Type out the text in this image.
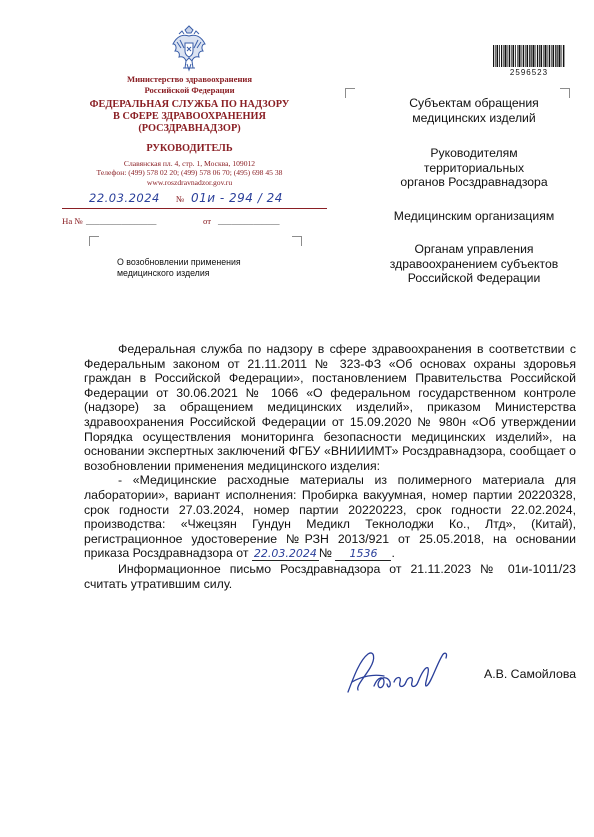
Министерство здравоохранения
Российской Федерации
ФЕДЕРАЛЬНАЯ СЛУЖБА ПО НАДЗОРУ
В СФЕРЕ ЗДРАВООХРАНЕНИЯ
(РОСЗДРАВНАДЗОР)
РУКОВОДИТЕЛЬ
Славянская пл. 4, стр. 1, Москва, 109012
Телефон: (499) 578 02 20; (499) 578 06 70; (495) 698 45 38
www.roszdravnadzor.gov.ru
22.03.2024 № 01и - 294 / 24
На № ________________	от ______________
2596523
Субъектам обращения
медицинских изделий
Руководителям
территориальных
органов Росздравнадзора
Медицинским организациям
Органам управления
здравоохранением субъектов
Российской Федерации
О возобновлении применения
медицинского изделия

Федеральная служба по надзору в сфере здравоохранения в соответствии с Федеральным законом от 21.11.2011 № 323-ФЗ «Об основах охраны здоровья граждан в Российской Федерации», постановлением Правительства Российской Федерации от 30.06.2021 № 1066 «О федеральном государственном контроле (надзоре) за обращением медицинских изделий», приказом Министерства здравоохранения Российской Федерации от 15.09.2020 № 980н «Об утверждении Порядка осуществления мониторинга безопасности медицинских изделий», на основании экспертных заключений ФГБУ «ВНИИИМТ» Росздравнадзора, сообщает о возобновлении применения медицинского изделия:

- «Медицинские расходные материалы из полимерного материала для лаборатории», вариант исполнения: Пробирка вакуумная, номер партии 20220328, срок годности 27.03.2024, номер партии 20220223, срок годности 22.02.2024, производства: «Чжецзян Гундун Медикл Текнолоджи Ко., Лтд», (Китай), регистрационное удостоверение №РЗН 2013/921 от 25.05.2018, на основании приказа Росздравнадзора от 22.03.2024 № 1536 .

Информационное письмо Росздравнадзора от 21.11.2023 № 01и-1011/23 считать утратившим силу.

А.В. Самойлова
